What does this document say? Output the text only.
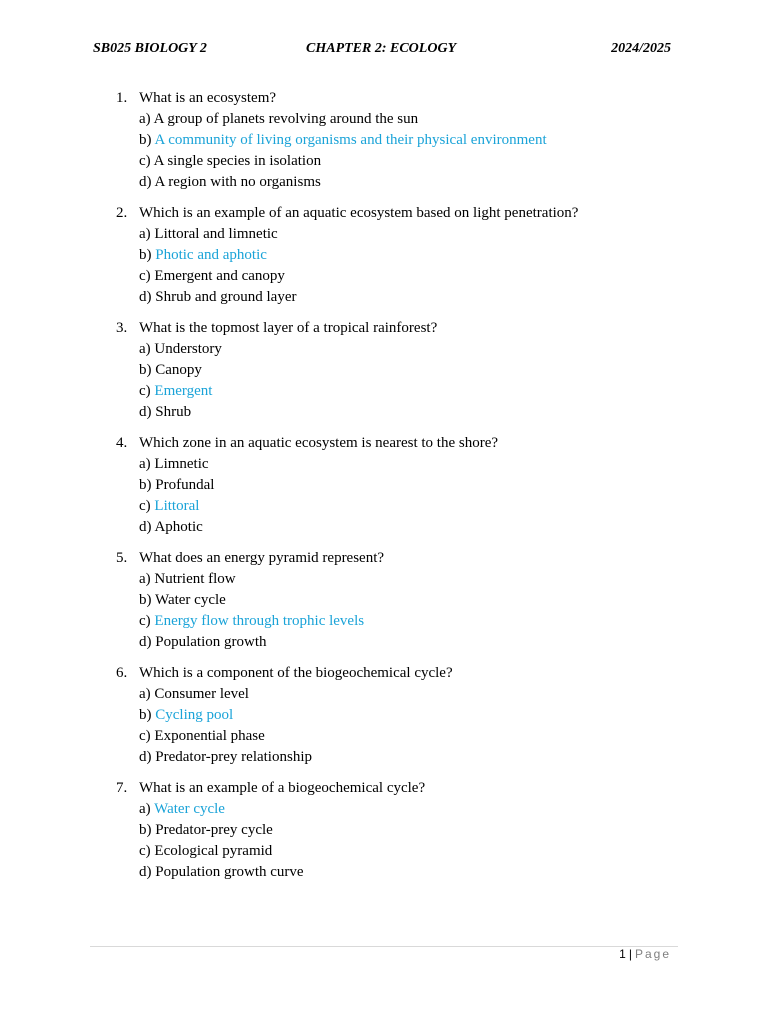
SB025 BIOLOGY 2	CHAPTER 2: ECOLOGY	2024/2025
1. What is an ecosystem?
a) A group of planets revolving around the sun
b) A community of living organisms and their physical environment
c) A single species in isolation
d) A region with no organisms
2. Which is an example of an aquatic ecosystem based on light penetration?
a) Littoral and limnetic
b) Photic and aphotic
c) Emergent and canopy
d) Shrub and ground layer
3. What is the topmost layer of a tropical rainforest?
a) Understory
b) Canopy
c) Emergent
d) Shrub
4. Which zone in an aquatic ecosystem is nearest to the shore?
a) Limnetic
b) Profundal
c) Littoral
d) Aphotic
5. What does an energy pyramid represent?
a) Nutrient flow
b) Water cycle
c) Energy flow through trophic levels
d) Population growth
6. Which is a component of the biogeochemical cycle?
a) Consumer level
b) Cycling pool
c) Exponential phase
d) Predator-prey relationship
7. What is an example of a biogeochemical cycle?
a) Water cycle
b) Predator-prey cycle
c) Ecological pyramid
d) Population growth curve
1 | Page
